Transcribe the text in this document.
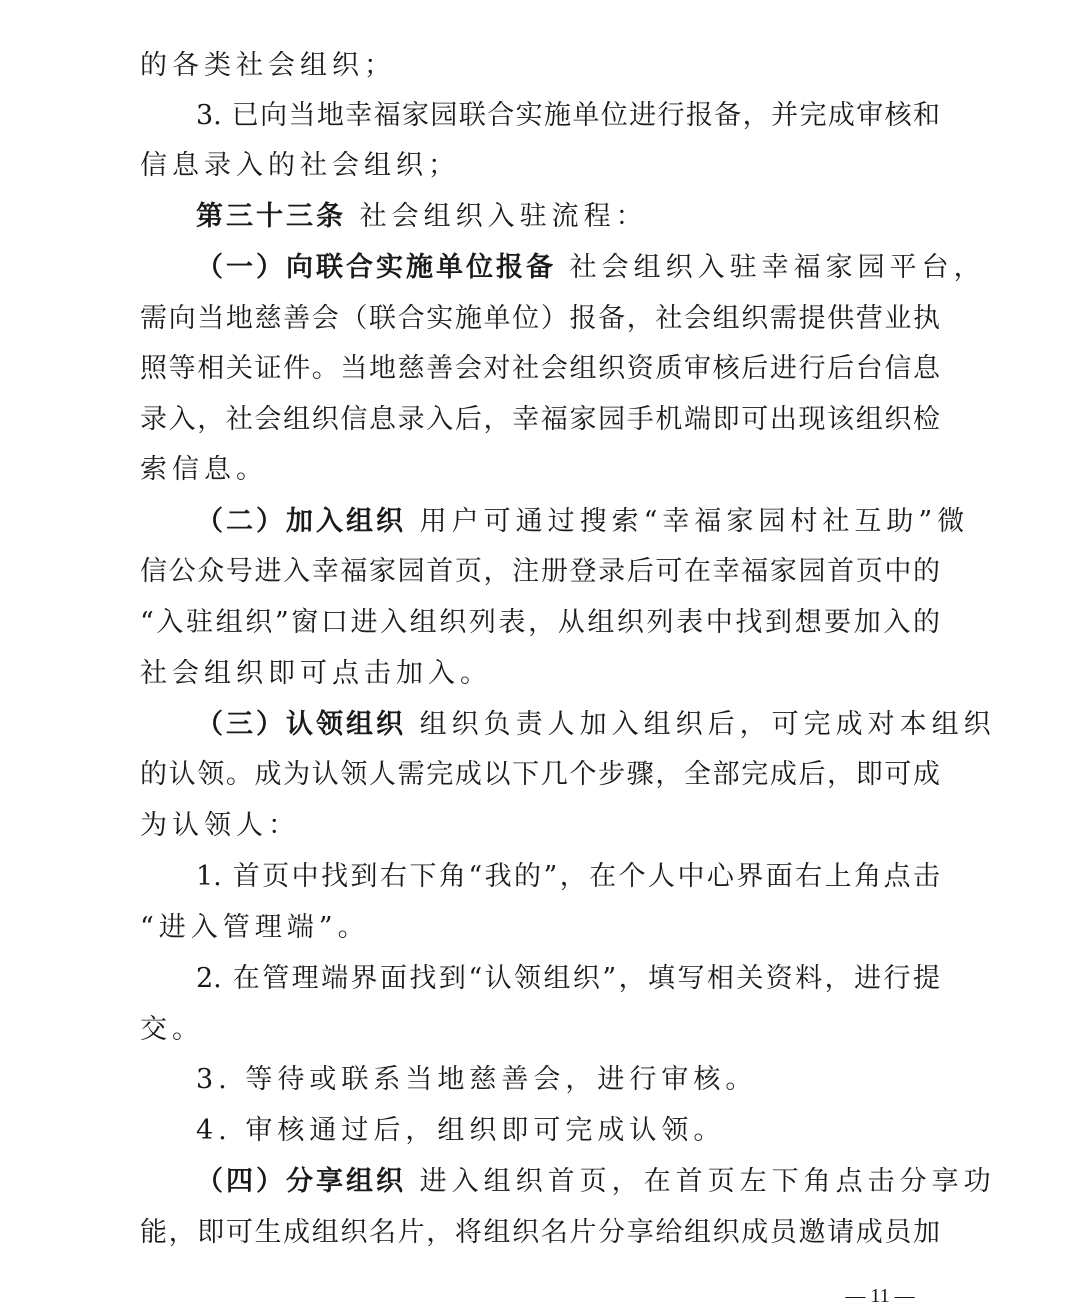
的各类社会组织；
3. 已向当地幸福家园联合实施单位进行报备，并完成审核和
信息录入的社会组织；
第三十三条 社会组织入驻流程：
（一）向联合实施单位报备 社会组织入驻幸福家园平台，
需向当地慈善会（联合实施单位）报备，社会组织需提供营业执
照等相关证件。当地慈善会对社会组织资质审核后进行后台信息
录入，社会组织信息录入后，幸福家园手机端即可出现该组织检
索信息。
（二）加入组织 用户可通过搜索“幸福家园村社互助”微
信公众号进入幸福家园首页，注册登录后可在幸福家园首页中的
“入驻组织”窗口进入组织列表，从组织列表中找到想要加入的
社会组织即可点击加入。
（三）认领组织 组织负责人加入组织后，可完成对本组织
的认领。成为认领人需完成以下几个步骤，全部完成后，即可成
为认领人：
1. 首页中找到右下角“我的”，在个人中心界面右上角点击
“进入管理端”。
2. 在管理端界面找到“认领组织”，填写相关资料，进行提
交。
3. 等待或联系当地慈善会，进行审核。
4. 审核通过后，组织即可完成认领。
（四）分享组织 进入组织首页，在首页左下角点击分享功
能，即可生成组织名片，将组织名片分享给组织成员邀请成员加
— 11 —
